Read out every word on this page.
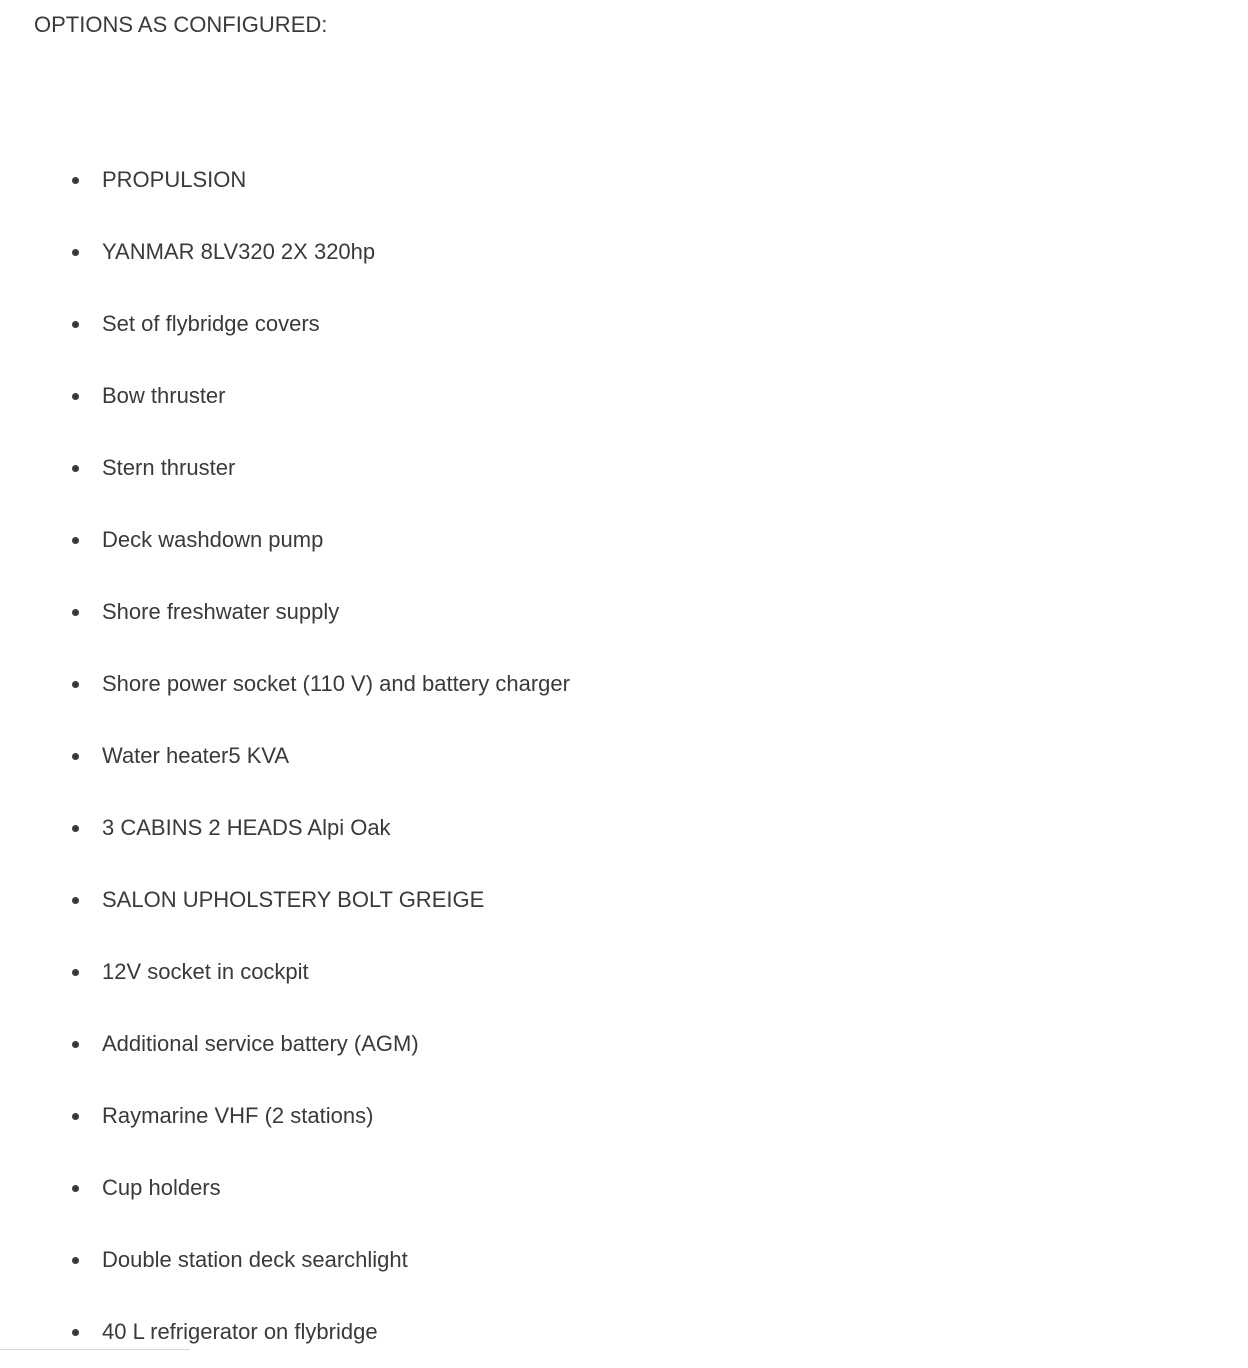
OPTIONS AS CONFIGURED:
PROPULSION
YANMAR 8LV320 2X 320hp
Set of flybridge covers
Bow thruster
Stern thruster
Deck washdown pump
Shore freshwater supply
Shore power socket (110 V) and battery charger
Water heater5 KVA
3 CABINS 2 HEADS Alpi Oak
SALON UPHOLSTERY BOLT GREIGE
12V socket in cockpit
Additional service battery (AGM)
Raymarine VHF (2 stations)
Cup holders
Double station deck searchlight
40 L refrigerator on flybridge
